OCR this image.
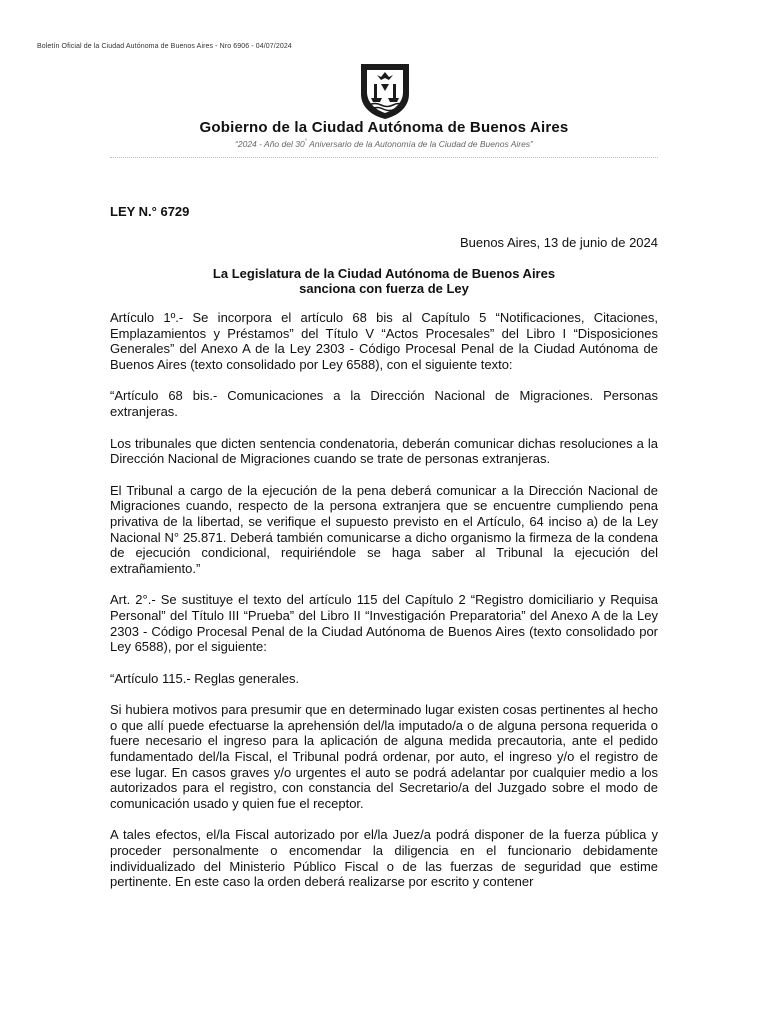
Boletín Oficial de la Ciudad Autónoma de Buenos Aires - Nro 6906 - 04/07/2024
Gobierno de la Ciudad Autónoma de Buenos Aires
“2024 - Año del 30° Aniversario de la Autonomía de la Ciudad de Buenos Aires”
LEY N.° 6729
Buenos Aires, 13 de junio de 2024
La Legislatura de la Ciudad Autónoma de Buenos Aires
sanciona con fuerza de Ley

Artículo 1º.- Se incorpora el artículo 68 bis al Capítulo 5 “Notificaciones, Citaciones, Emplazamientos y Préstamos” del Título V “Actos Procesales” del Libro I “Disposiciones Generales” del Anexo A de la Ley 2303 - Código Procesal Penal de la Ciudad Autónoma de Buenos Aires (texto consolidado por Ley 6588), con el siguiente texto:

“Artículo 68 bis.- Comunicaciones a la Dirección Nacional de Migraciones. Personas extranjeras.

Los tribunales que dicten sentencia condenatoria, deberán comunicar dichas resoluciones a la Dirección Nacional de Migraciones cuando se trate de personas extranjeras.

El Tribunal a cargo de la ejecución de la pena deberá comunicar a la Dirección Nacional de Migraciones cuando, respecto de la persona extranjera que se encuentre cumpliendo pena privativa de la libertad, se verifique el supuesto previsto en el Artículo, 64 inciso a) de la Ley Nacional N° 25.871. Deberá también comunicarse a dicho organismo la firmeza de la condena de ejecución condicional, requiriéndole se haga saber al Tribunal la ejecución del extrañamiento.”

Art. 2°.- Se sustituye el texto del artículo 115 del Capítulo 2 “Registro domiciliario y Requisa Personal” del Título III “Prueba” del Libro II “Investigación Preparatoria” del Anexo A de la Ley 2303 - Código Procesal Penal de la Ciudad Autónoma de Buenos Aires (texto consolidado por Ley 6588), por el siguiente:

“Artículo 115.- Reglas generales.

Si hubiera motivos para presumir que en determinado lugar existen cosas pertinentes al hecho o que allí puede efectuarse la aprehensión del/la imputado/a o de alguna persona requerida o fuere necesario el ingreso para la aplicación de alguna medida precautoria, ante el pedido fundamentado del/la Fiscal, el Tribunal podrá ordenar, por auto, el ingreso y/o el registro de ese lugar. En casos graves y/o urgentes el auto se podrá adelantar por cualquier medio a los autorizados para el registro, con constancia del Secretario/a del Juzgado sobre el modo de comunicación usado y quien fue el receptor.

A tales efectos, el/la Fiscal autorizado por el/la Juez/a podrá disponer de la fuerza pública y proceder personalmente o encomendar la diligencia en el funcionario debidamente individualizado del Ministerio Público Fiscal o de las fuerzas de seguridad que estime pertinente. En este caso la orden deberá realizarse por escrito y contener
